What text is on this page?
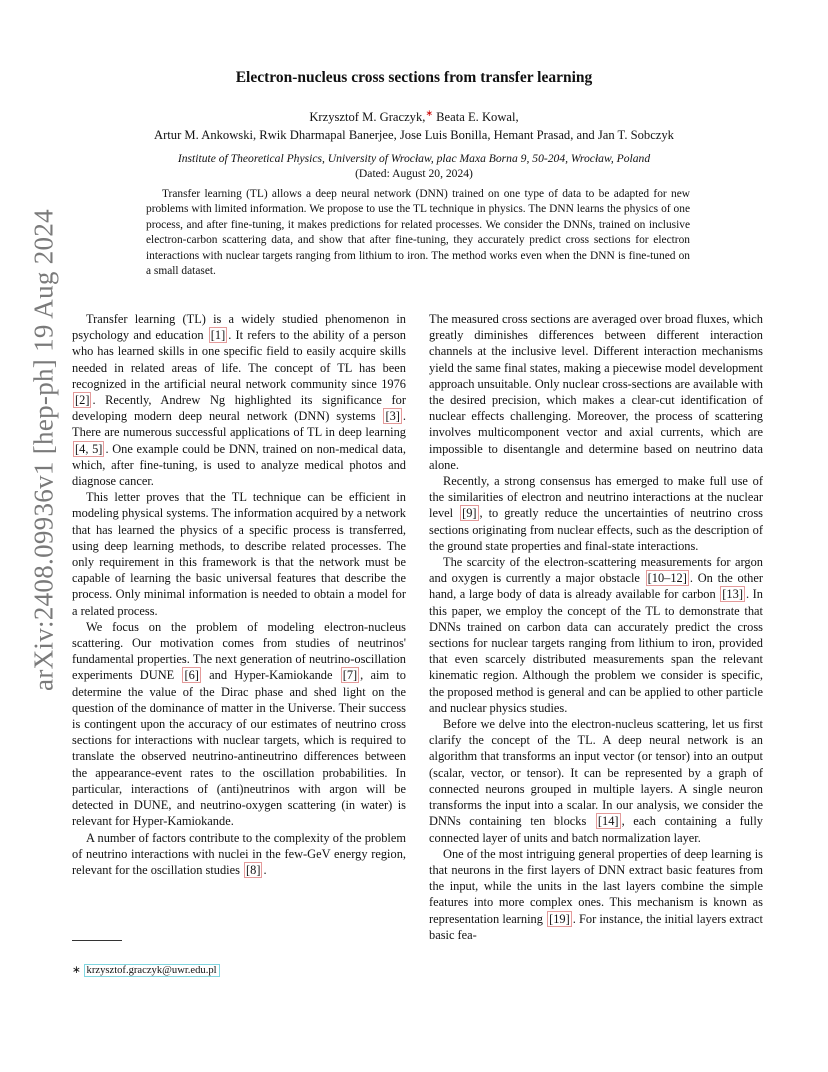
arXiv:2408.09936v1 [hep-ph] 19 Aug 2024
Electron-nucleus cross sections from transfer learning
Krzysztof M. Graczyk,∗ Beata E. Kowal,
Artur M. Ankowski, Rwik Dharmapal Banerjee, Jose Luis Bonilla, Hemant Prasad, and Jan T. Sobczyk
Institute of Theoretical Physics, University of Wrocław, plac Maxa Borna 9, 50-204, Wrocław, Poland
(Dated: August 20, 2024)

Transfer learning (TL) allows a deep neural network (DNN) trained on one type of data to be adapted for new problems with limited information. We propose to use the TL technique in physics. The DNN learns the physics of one process, and after fine-tuning, it makes predictions for related processes. We consider the DNNs, trained on inclusive electron-carbon scattering data, and show that after fine-tuning, they accurately predict cross sections for electron interactions with nuclear targets ranging from lithium to iron. The method works even when the DNN is fine-tuned on a small dataset.

Transfer learning (TL) is a widely studied phenomenon in psychology and education [1] . It refers to the ability of a person who has learned skills in one specific field to easily acquire skills needed in related areas of life. The concept of TL has been recognized in the artificial neural network community since 1976 [2] . Recently, Andrew Ng highlighted its significance for developing modern deep neural network (DNN) systems [3] . There are numerous successful applications of TL in deep learning [4, 5] . One example could be DNN, trained on non-medical data, which, after fine-tuning, is used to analyze medical photos and diagnose cancer.

This letter proves that the TL technique can be efficient in modeling physical systems. The information acquired by a network that has learned the physics of a specific process is transferred, using deep learning methods, to describe related processes. The only requirement in this framework is that the network must be capable of learning the basic universal features that describe the process. Only minimal information is needed to obtain a model for a related process.

We focus on the problem of modeling electron-nucleus scattering. Our motivation comes from studies of neutrinos' fundamental properties. The next generation of neutrino-oscillation experiments DUNE [6] and Hyper-Kamiokande [7] , aim to determine the value of the Dirac phase and shed light on the question of the dominance of matter in the Universe. Their success is contingent upon the accuracy of our estimates of neutrino cross sections for interactions with nuclear targets, which is required to translate the observed neutrino-antineutrino differences between the appearance-event rates to the oscillation probabilities. In particular, interactions of (anti)neutrinos with argon will be detected in DUNE, and neutrino-oxygen scattering (in water) is relevant for Hyper-Kamiokande.

A number of factors contribute to the complexity of the problem of neutrino interactions with nuclei in the few-GeV energy region, relevant for the oscillation studies [8] .

The measured cross sections are averaged over broad fluxes, which greatly diminishes differences between different interaction channels at the inclusive level. Different interaction mechanisms yield the same final states, making a piecewise model development approach unsuitable. Only nuclear cross-sections are available with the desired precision, which makes a clear-cut identification of nuclear effects challenging. Moreover, the process of scattering involves multicomponent vector and axial currents, which are impossible to disentangle and determine based on neutrino data alone.

Recently, a strong consensus has emerged to make full use of the similarities of electron and neutrino interactions at the nuclear level [9] , to greatly reduce the uncertainties of neutrino cross sections originating from nuclear effects, such as the description of the ground state properties and final-state interactions.

The scarcity of the electron-scattering measurements for argon and oxygen is currently a major obstacle [10–12] . On the other hand, a large body of data is already available for carbon [13] . In this paper, we employ the concept of the TL to demonstrate that DNNs trained on carbon data can accurately predict the cross sections for nuclear targets ranging from lithium to iron, provided that even scarcely distributed measurements span the relevant kinematic region. Although the problem we consider is specific, the proposed method is general and can be applied to other particle and nuclear physics studies.

Before we delve into the electron-nucleus scattering, let us first clarify the concept of the TL. A deep neural network is an algorithm that transforms an input vector (or tensor) into an output (scalar, vector, or tensor). It can be represented by a graph of connected neurons grouped in multiple layers. A single neuron transforms the input into a scalar. In our analysis, we consider the DNNs containing ten blocks [14] , each containing a fully connected layer of units and batch normalization layer.

One of the most intriguing general properties of deep learning is that neurons in the first layers of DNN extract basic features from the input, while the units in the last layers combine the simple features into more complex ones. This mechanism is known as representation learning [19] . For instance, the initial layers extract basic fea-

∗ krzysztof.graczyk@uwr.edu.pl
